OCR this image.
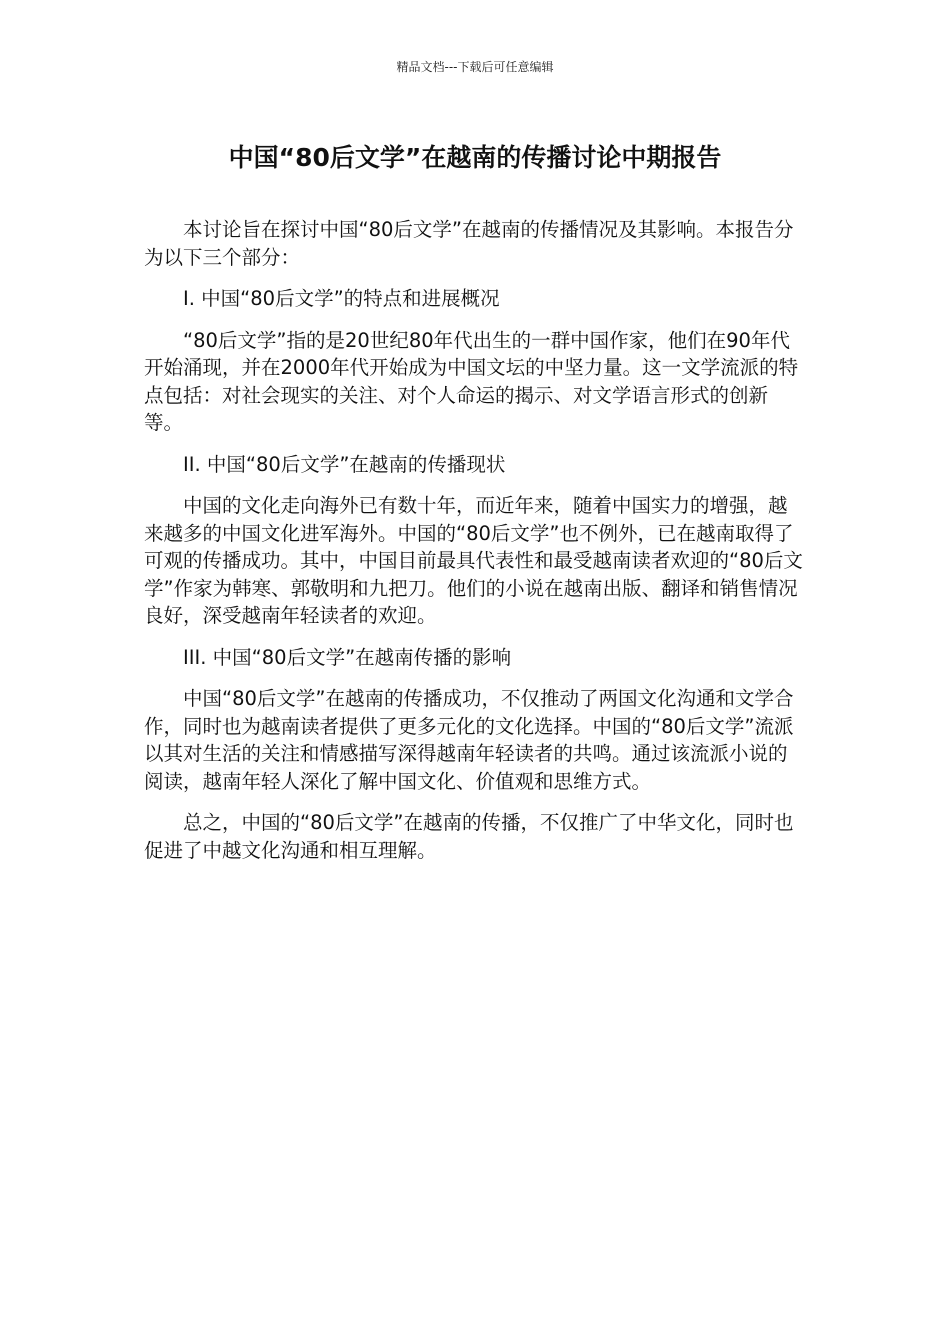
精品文档---下载后可任意编辑
中国“80后文学”在越南的传播讨论中期报告

本讨论旨在探讨中国“80后文学”在越南的传播情况及其影响。本报告分为以下三个部分：

I. 中国“80后文学”的特点和进展概况

“80后文学”指的是20世纪80年代出生的一群中国作家，他们在90年代开始涌现，并在2000年代开始成为中国文坛的中坚力量。这一文学流派的特点包括：对社会现实的关注、对个人命运的揭示、对文学语言形式的创新等。

II. 中国“80后文学”在越南的传播现状

中国的文化走向海外已有数十年，而近年来，随着中国实力的增强，越来越多的中国文化进军海外。中国的“80后文学”也不例外，已在越南取得了可观的传播成功。其中，中国目前最具代表性和最受越南读者欢迎的“80后文学”作家为韩寒、郭敬明和九把刀。他们的小说在越南出版、翻译和销售情况良好，深受越南年轻读者的欢迎。

III. 中国“80后文学”在越南传播的影响

中国“80后文学”在越南的传播成功，不仅推动了两国文化沟通和文学合作，同时也为越南读者提供了更多元化的文化选择。中国的“80后文学”流派以其对生活的关注和情感描写深得越南年轻读者的共鸣。通过该流派小说的阅读，越南年轻人深化了解中国文化、价值观和思维方式。

总之，中国的“80后文学”在越南的传播，不仅推广了中华文化，同时也促进了中越文化沟通和相互理解。
